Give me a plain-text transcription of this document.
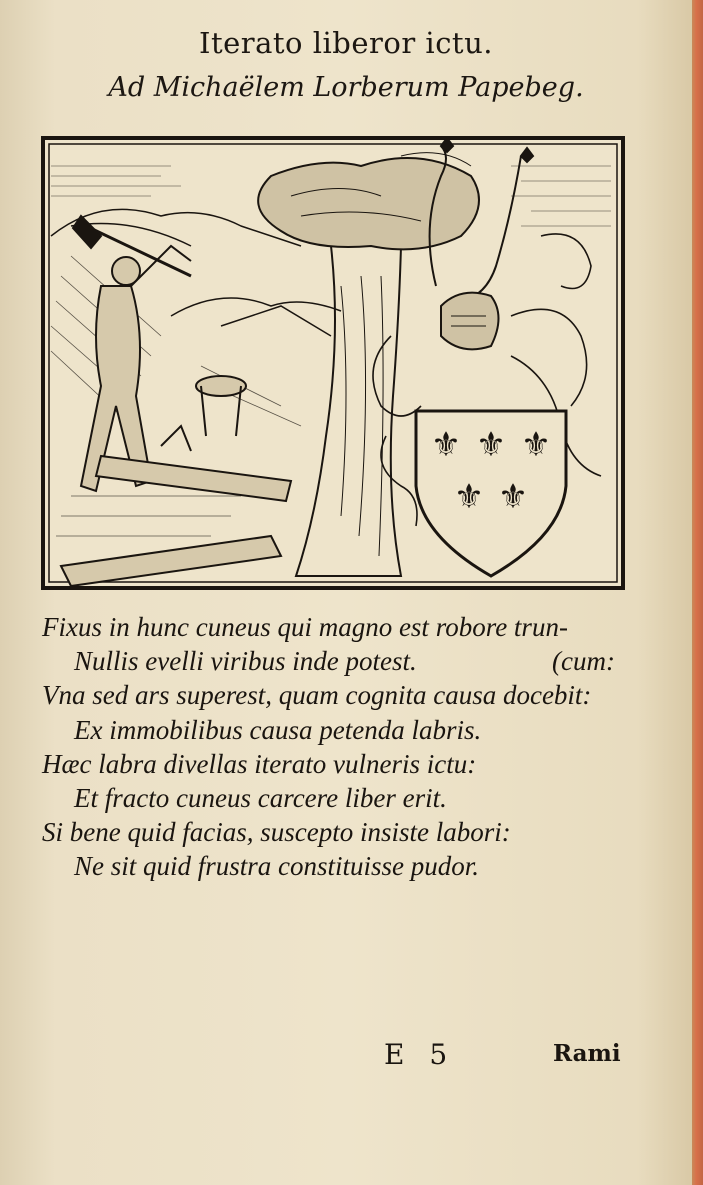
Iterato liberor ictu.
Ad Michaëlem Lorberum Papebeg.
⚜ ⚜ ⚜
⚜ ⚜
Fixus in hunc cuneus qui magno est robore trun-
Nullis evelli viribus inde potest.	(cum:
Vna sed ars superest, quam cognita causa docebit:
Ex immobilibus causa petenda labris.
Hæc labra divellas iterato vulneris ictu:
Et fracto cuneus carcere liber erit.
Si bene quid facias, suscepto insiste labori:
Ne sit quid frustra constituisse pudor.
E 5	Rami
